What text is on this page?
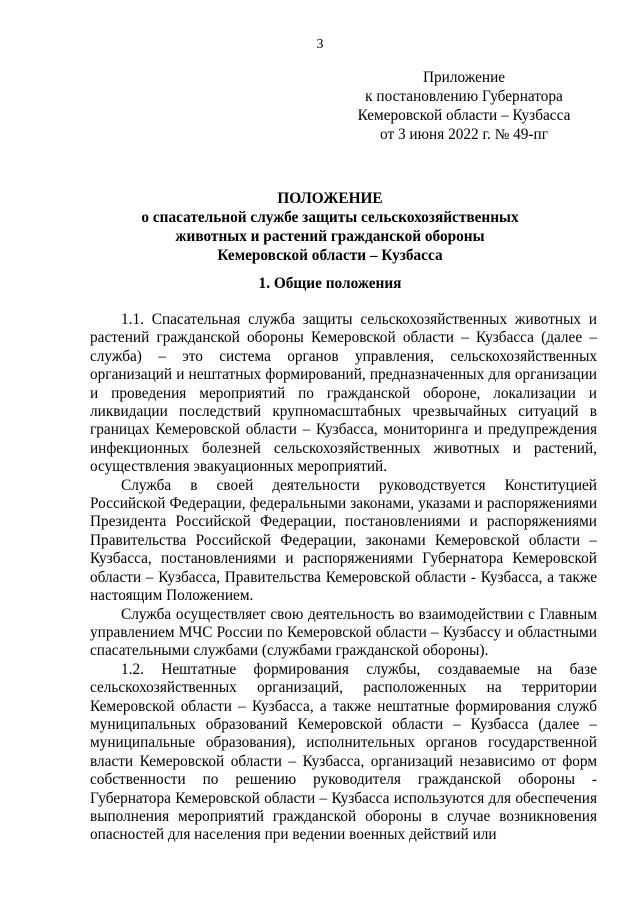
3
Приложение
к постановлению Губернатора
Кемеровской области – Кузбасса
от 3 июня 2022 г. № 49-пг
ПОЛОЖЕНИЕ
о спасательной службе защиты сельскохозяйственных
животных и растений гражданской обороны
Кемеровской области – Кузбасса
1. Общие положения

1.1. Спасательная служба защиты сельскохозяйственных животных и растений гражданской обороны Кемеровской области – Кузбасса (далее – служба) – это система органов управления, сельскохозяйственных организаций и нештатных формирований, предназначенных для организации и проведения мероприятий по гражданской обороне, локализации и ликвидации последствий крупномасштабных чрезвычайных ситуаций в границах Кемеровской области – Кузбасса, мониторинга и предупреждения инфекционных болезней сельскохозяйственных животных и растений, осуществления эвакуационных мероприятий.

Служба в своей деятельности руководствуется Конституцией Российской Федерации, федеральными законами, указами и распоряжениями Президента Российской Федерации, постановлениями и распоряжениями Правительства Российской Федерации, законами Кемеровской области – Кузбасса, постановлениями и распоряжениями Губернатора Кемеровской области – Кузбасса, Правительства Кемеровской области - Кузбасса, а также настоящим Положением.

Служба осуществляет свою деятельность во взаимодействии с Главным управлением МЧС России по Кемеровской области – Кузбассу и областными спасательными службами (службами гражданской обороны).

1.2. Нештатные формирования службы, создаваемые на базе сельскохозяйственных организаций, расположенных на территории Кемеровской области – Кузбасса, а также нештатные формирования служб муниципальных образований Кемеровской области – Кузбасса (далее – муниципальные образования), исполнительных органов государственной власти Кемеровской области – Кузбасса, организаций независимо от форм собственности по решению руководителя гражданской обороны - Губернатора Кемеровской области – Кузбасса используются для обеспечения выполнения мероприятий гражданской обороны в случае возникновения опасностей для населения при ведении военных действий или
